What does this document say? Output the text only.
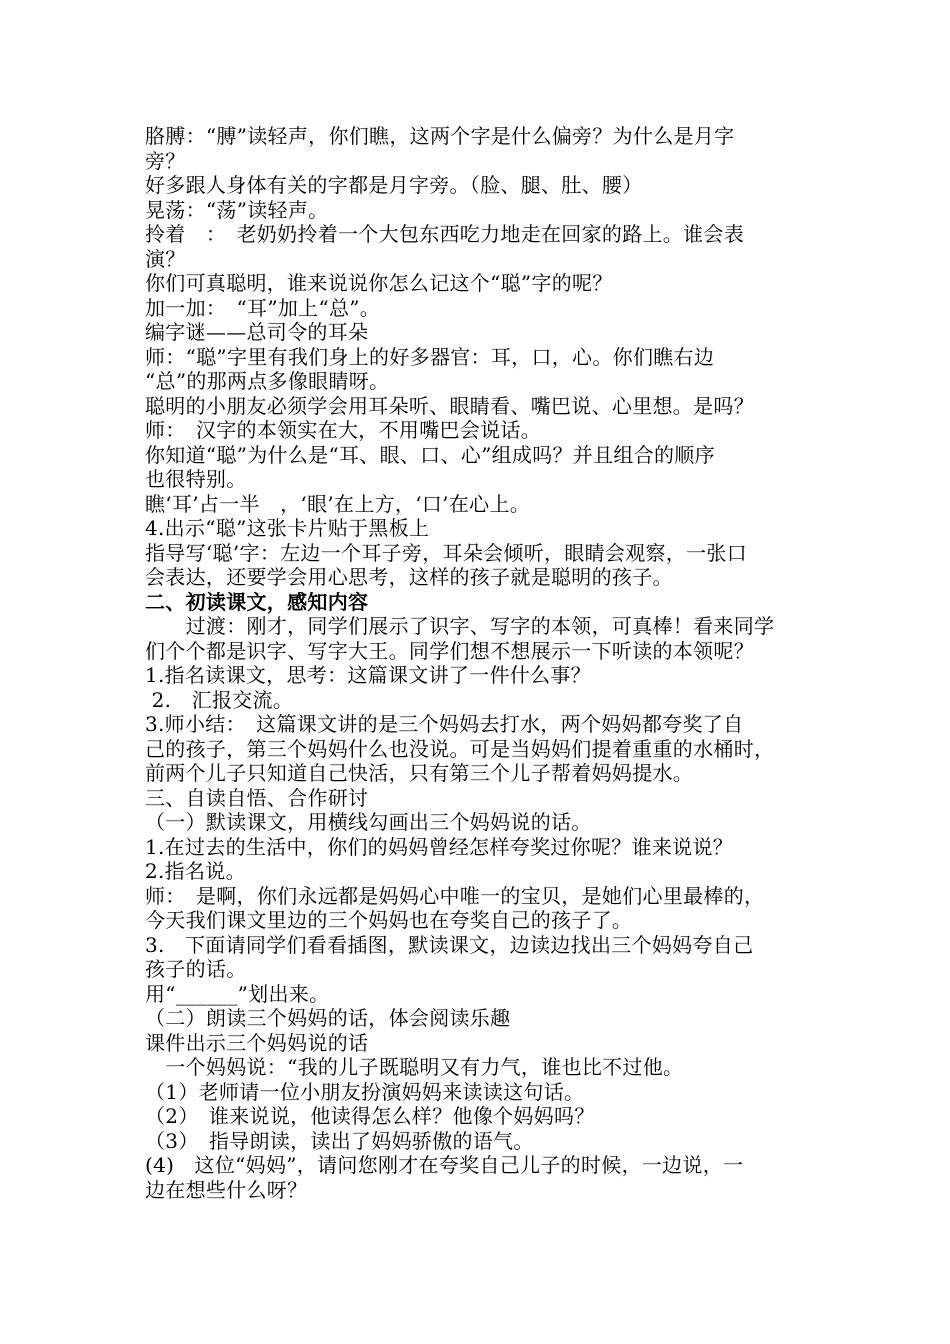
胳膊：“膊”读轻声，你们瞧，这两个字是什么偏旁？为什么是月字
旁？
好多跟人身体有关的字都是月字旁。（脸、腿、肚、腰）
晃荡：“荡”读轻声。
拎着　：　老奶奶拎着一个大包东西吃力地走在回家的路上。谁会表
演？
你们可真聪明，谁来说说你怎么记这个“聪”字的呢？
加一加：　“耳”加上“总”。
编字谜——总司令的耳朵
师：“聪”字里有我们身上的好多器官：耳，口，心。你们瞧右边
“总”的那两点多像眼睛呀。
聪明的小朋友必须学会用耳朵听、眼睛看、嘴巴说、心里想。是吗？
师：　汉字的本领实在大，不用嘴巴会说话。
你知道“聪”为什么是“耳、眼、口、心”组成吗？并且组合的顺序
也很特别。
瞧‘耳’占一半　，‘眼’在上方，‘口’在心上。
4.出示“聪”这张卡片贴于黑板上
指导写‘聪’字：左边一个耳子旁，耳朵会倾听，眼睛会观察，一张口
会表达，还要学会用心思考，这样的孩子就是聪明的孩子。
二、初读课文，感知内容
　　过渡：刚才，同学们展示了识字、写字的本领，可真棒！看来同学
们个个都是识字、写字大王。同学们想不想展示一下听读的本领呢？
1.指名读课文，思考：这篇课文讲了一件什么事？
2.　汇报交流。
3.师小结：　这篇课文讲的是三个妈妈去打水，两个妈妈都夸奖了自
己的孩子，第三个妈妈什么也没说。可是当妈妈们提着重重的水桶时，
前两个儿子只知道自己快活，只有第三个儿子帮着妈妈提水。
三、自读自悟、合作研讨
（一）默读课文，用横线勾画出三个妈妈说的话。
1.在过去的生活中，你们的妈妈曾经怎样夸奖过你呢？谁来说说？
2.指名说。
师：　是啊，你们永远都是妈妈心中唯一的宝贝，是她们心里最棒的，
今天我们课文里边的三个妈妈也在夸奖自己的孩子了。
3.　下面请同学们看看插图，默读课文，边读边找出三个妈妈夸自己
孩子的话。
用“______”划出来。
（二）朗读三个妈妈的话，体会阅读乐趣
课件出示三个妈妈说的话
　一个妈妈说：“我的儿子既聪明又有力气，谁也比不过他。
（1）老师请一位小朋友扮演妈妈来读读这句话。
（2）　谁来说说，他读得怎么样？他像个妈妈吗？
（3）　指导朗读，读出了妈妈骄傲的语气。
(4)　这位“妈妈”，请问您刚才在夸奖自己儿子的时候，一边说，一
边在想些什么呀？
